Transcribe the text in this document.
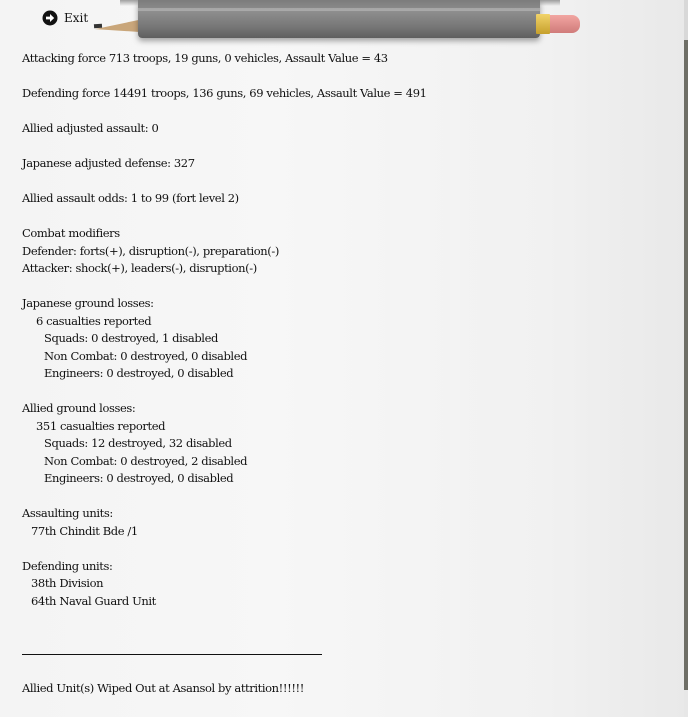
Exit
Attacking force 713 troops, 19 guns, 0 vehicles, Assault Value = 43
Defending force 14491 troops, 136 guns, 69 vehicles, Assault Value = 491
Allied adjusted assault: 0
Japanese adjusted defense: 327
Allied assault odds: 1 to 99 (fort level 2)
Combat modifiers
Defender: forts(+), disruption(-), preparation(-)
Attacker: shock(+), leaders(-), disruption(-)
Japanese ground losses:
6 casualties reported
Squads: 0 destroyed, 1 disabled
Non Combat: 0 destroyed, 0 disabled
Engineers: 0 destroyed, 0 disabled
Allied ground losses:
351 casualties reported
Squads: 12 destroyed, 32 disabled
Non Combat: 0 destroyed, 2 disabled
Engineers: 0 destroyed, 0 disabled
Assaulting units:
77th Chindit Bde /1
Defending units:
38th Division
64th Naval Guard Unit
Allied Unit(s) Wiped Out at Asansol by attrition!!!!!!
